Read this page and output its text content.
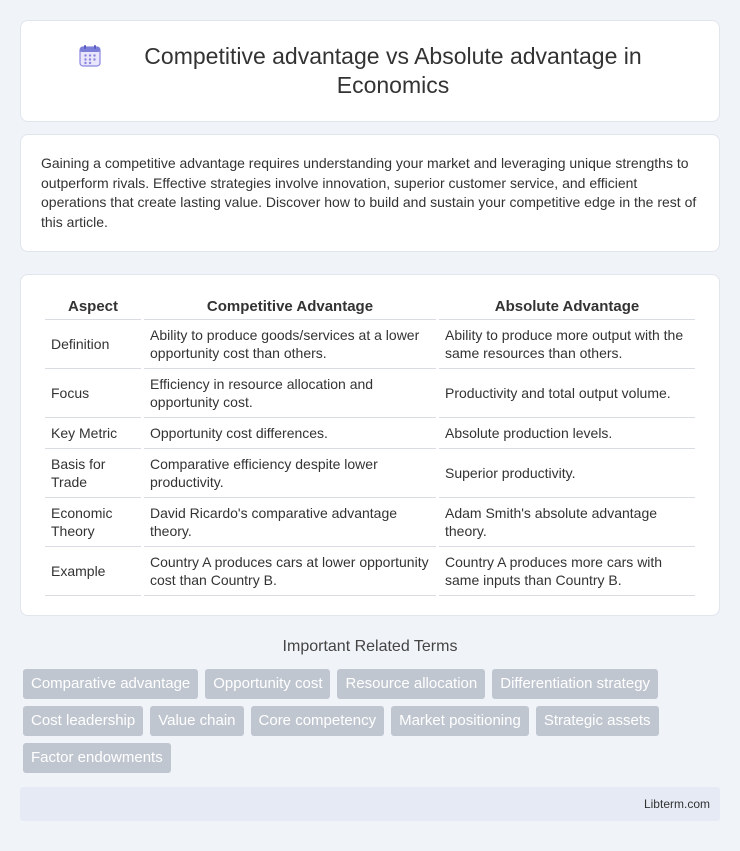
Competitive advantage vs Absolute advantage in Economics

Gaining a competitive advantage requires understanding your market and leveraging unique strengths to outperform rivals. Effective strategies involve innovation, superior customer service, and efficient operations that create lasting value. Discover how to build and sustain your competitive edge in the rest of this article.

Aspect	Competitive Advantage	Absolute Advantage
Definition	Ability to produce goods/services at a lower opportunity cost than others.	Ability to produce more output with the same resources than others.
Focus	Efficiency in resource allocation and opportunity cost.	Productivity and total output volume.
Key Metric	Opportunity cost differences.	Absolute production levels.
Basis for Trade	Comparative efficiency despite lower productivity.	Superior productivity.
Economic Theory	David Ricardo's comparative advantage theory.	Adam Smith's absolute advantage theory.
Example	Country A produces cars at lower opportunity cost than Country B.	Country A produces more cars with same inputs than Country B.
Important Related Terms
Comparative advantage	Opportunity cost	Resource allocation	Differentiation strategy
Cost leadership	Value chain	Core competency	Market positioning	Strategic assets
Factor endowments
Libterm.com
